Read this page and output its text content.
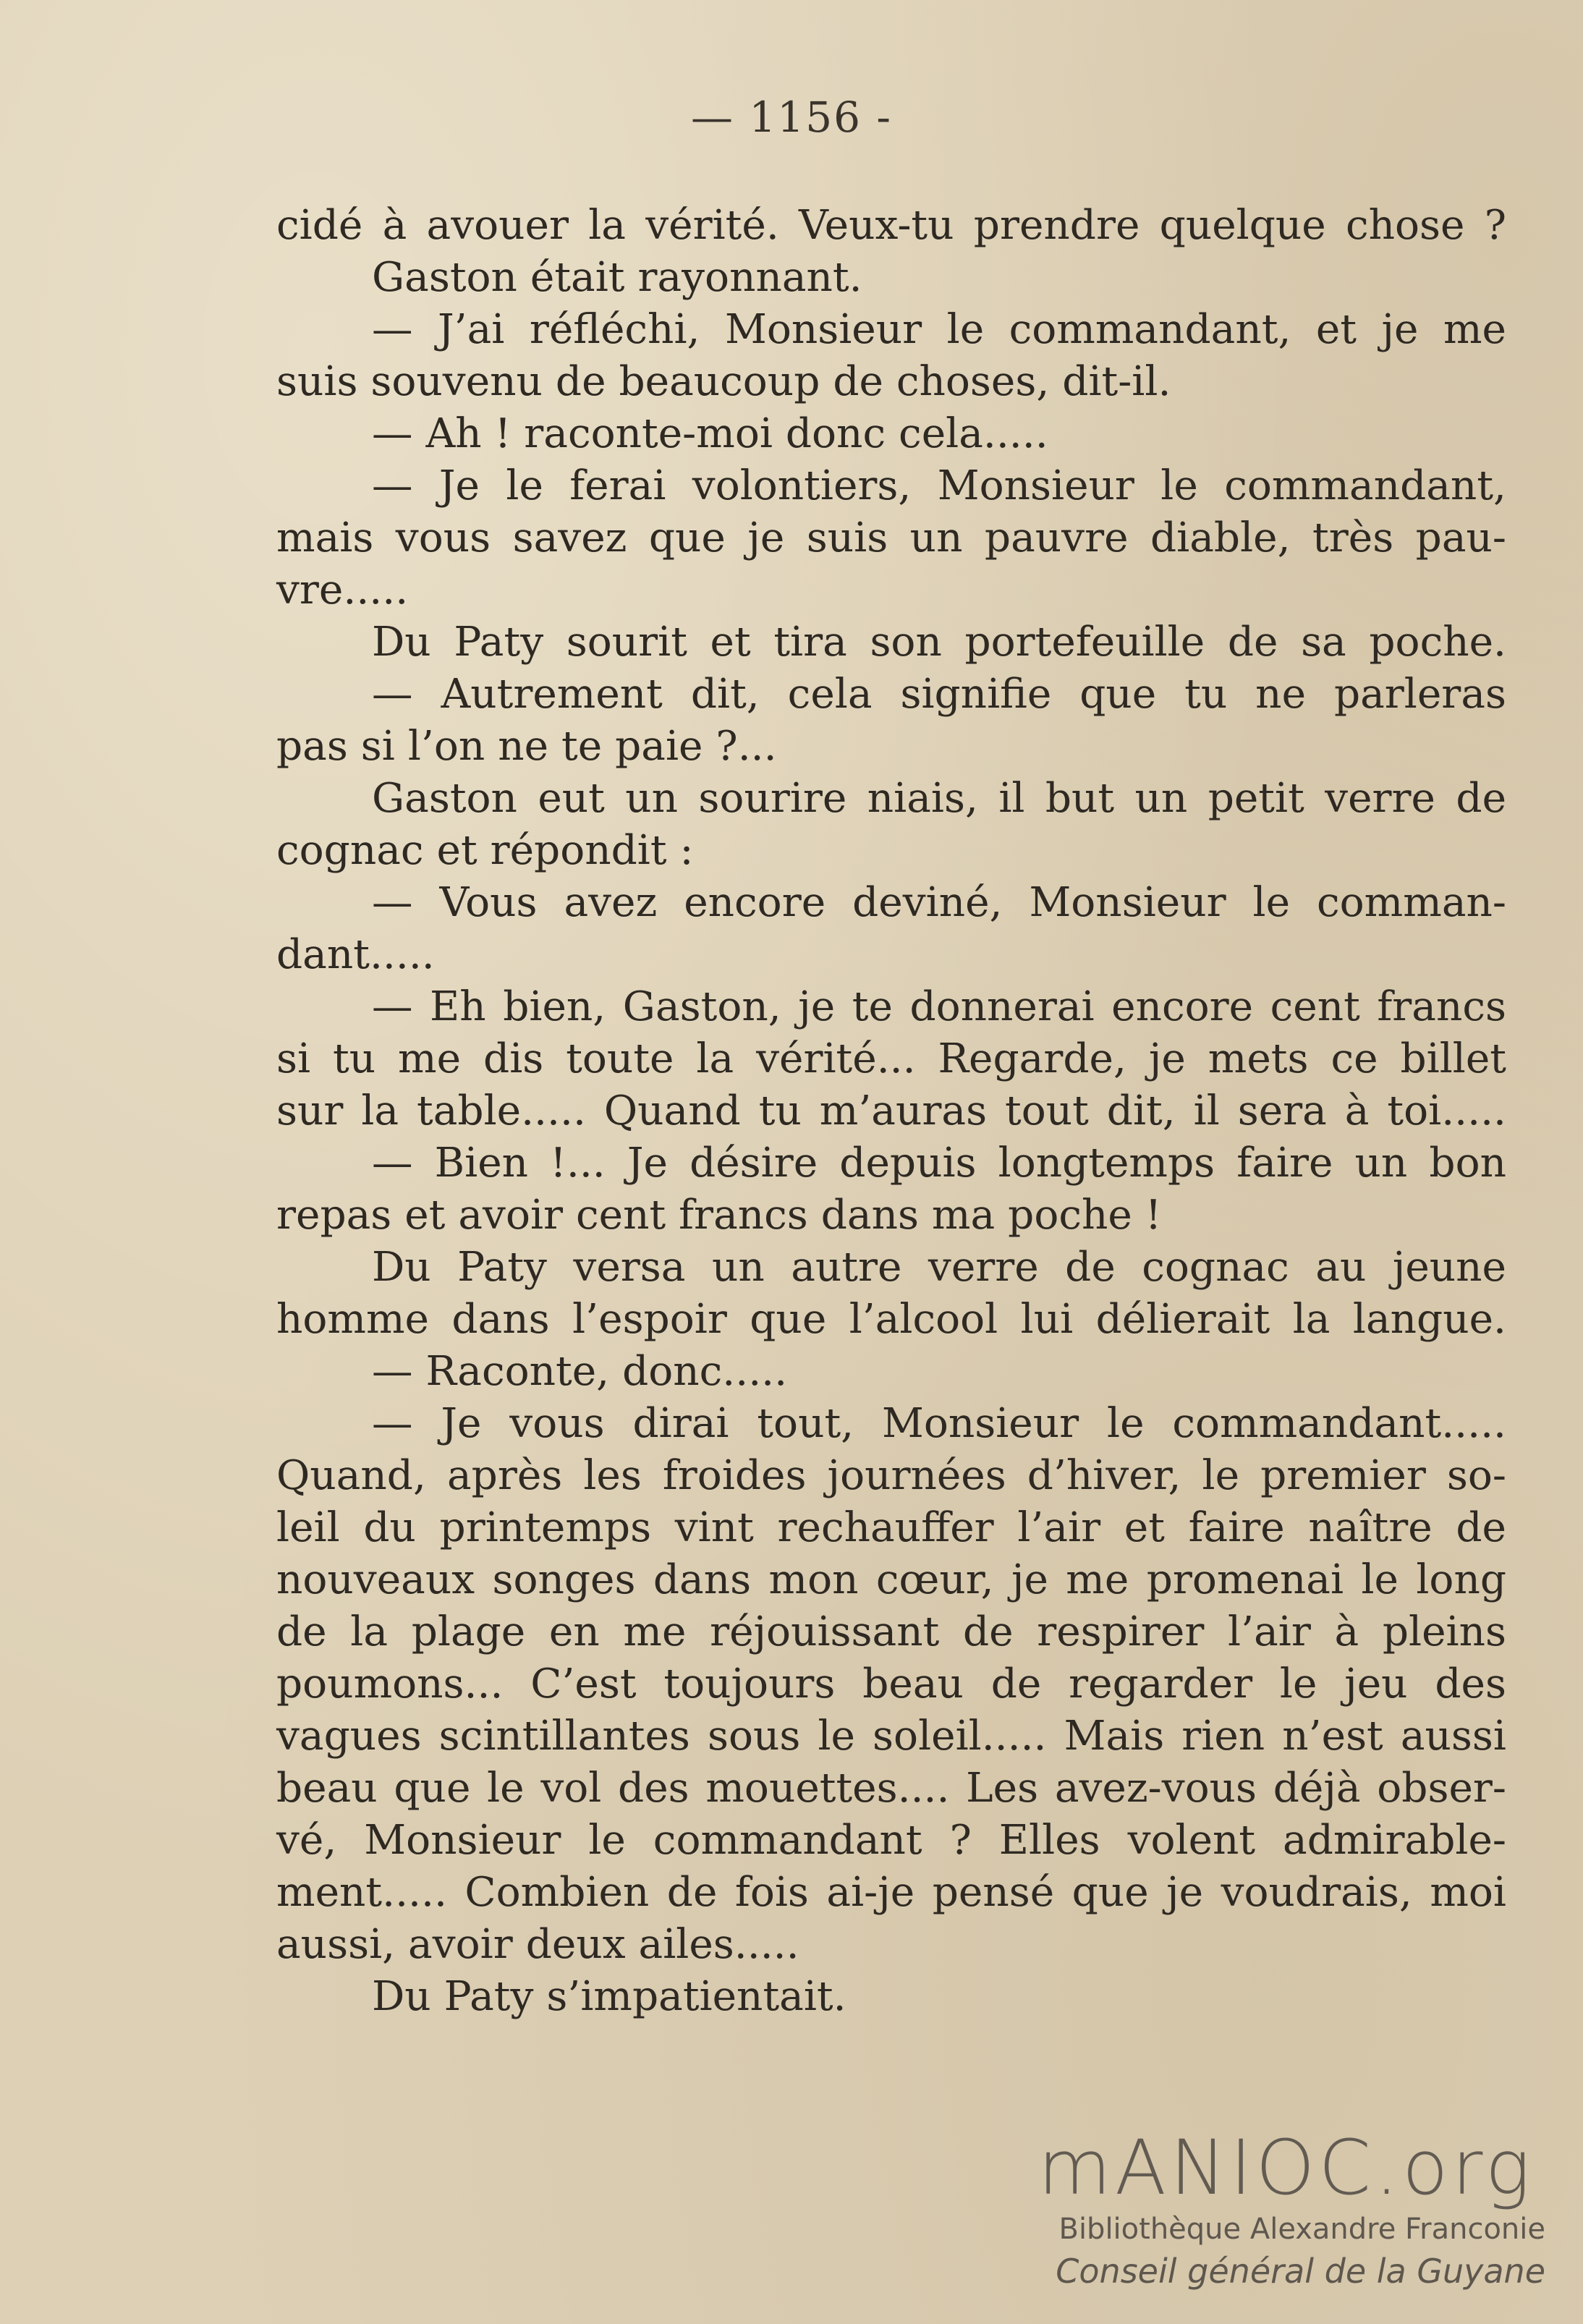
— 1156 -
cidé à avouer la vérité. Veux-tu prendre quelque chose ?
Gaston était rayonnant.
— J’ai réfléchi, Monsieur le commandant, et je me
suis souvenu de beaucoup de choses, dit-il.
— Ah ! raconte-moi donc cela.....
— Je le ferai volontiers, Monsieur le commandant,
mais vous savez que je suis un pauvre diable, très pau-
vre.....
Du Paty sourit et tira son portefeuille de sa poche.
— Autrement dit, cela signifie que tu ne parleras
pas si l’on ne te paie ?...
Gaston eut un sourire niais, il but un petit verre de
cognac et répondit :
— Vous avez encore deviné, Monsieur le comman-
dant.....
— Eh bien, Gaston, je te donnerai encore cent francs
si tu me dis toute la vérité... Regarde, je mets ce billet
sur la table..... Quand tu m’auras tout dit, il sera à toi.....
— Bien !... Je désire depuis longtemps faire un bon
repas et avoir cent francs dans ma poche !
Du Paty versa un autre verre de cognac au jeune
homme dans l’espoir que l’alcool lui délierait la langue.
— Raconte, donc.....
— Je vous dirai tout, Monsieur le commandant.....
Quand, après les froides journées d’hiver, le premier so-
leil du printemps vint rechauffer l’air et faire naître de
nouveaux songes dans mon cœur, je me promenai le long
de la plage en me réjouissant de respirer l’air à pleins
poumons... C’est toujours beau de regarder le jeu des
vagues scintillantes sous le soleil..... Mais rien n’est aussi
beau que le vol des mouettes.... Les avez-vous déjà obser-
vé, Monsieur le commandant ? Elles volent admirable-
ment..... Combien de fois ai-je pensé que je voudrais, moi
aussi, avoir deux ailes.....
Du Paty s’impatientait.
mANIOC.org
Bibliothèque Alexandre Franconie
Conseil général de la Guyane
